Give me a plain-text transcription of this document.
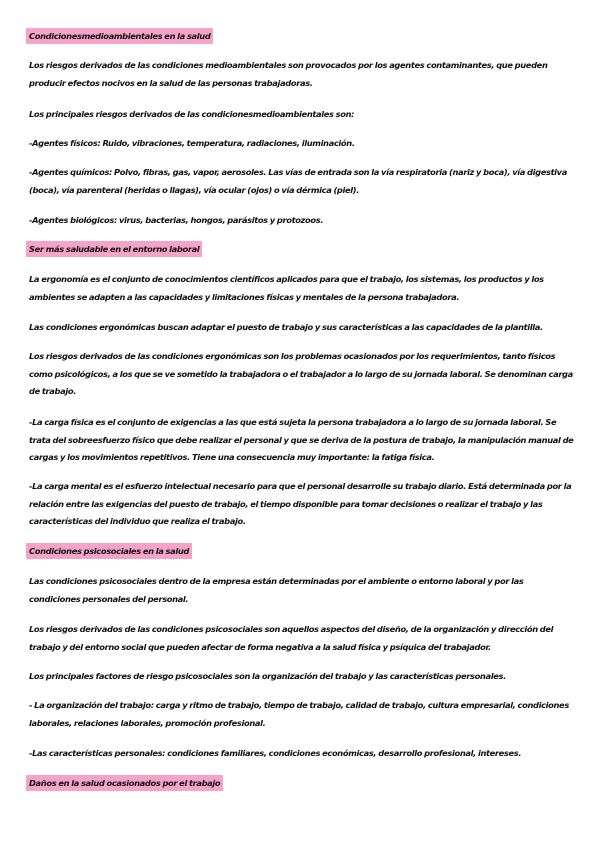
Condicionesmedioambientales en la salud

Los riesgos derivados de las condiciones medioambientales son provocados por los agentes contaminantes, que pueden producir efectos nocivos en la salud de las personas trabajadoras.

Los principales riesgos derivados de las condicionesmedioambientales son:

-Agentes físicos: Ruido, vibraciones, temperatura, radiaciones, iluminación.

-Agentes químicos: Polvo, fibras, gas, vapor, aerosoles. Las vías de entrada son la vía respiratoria (nariz y boca), vía digestiva (boca), vía parenteral (heridas o llagas), vía ocular (ojos) o vía dérmica (piel).

-Agentes biológicos: virus, bacterias, hongos, parásitos y protozoos.

Ser más saludable en el entorno laboral

La ergonomía es el conjunto de conocimientos científicos aplicados para que el trabajo, los sistemas, los productos y los ambientes se adapten a las capacidades y limitaciones físicas y mentales de la persona trabajadora.

Las condiciones ergonómicas buscan adaptar el puesto de trabajo y sus características a las capacidades de la plantilla.

Los riesgos derivados de las condiciones ergonómicas son los problemas ocasionados por los requerimientos, tanto físicos como psicológicos, a los que se ve sometido la trabajadora o el trabajador a lo largo de su jornada laboral. Se denominan carga de trabajo.

-La carga física es el conjunto de exigencias a las que está sujeta la persona trabajadora a lo largo de su jornada laboral. Se trata del sobreesfuerzo físico que debe realizar el personal y que se deriva de la postura de trabajo, la manipulación manual de cargas y los movimientos repetitivos. Tiene una consecuencia muy importante: la fatiga física.

-La carga mental es el esfuerzo intelectual necesario para que el personal desarrolle su trabajo diario. Está determinada por la relación entre las exigencias del puesto de trabajo, el tiempo disponible para tomar decisiones o realizar el trabajo y las características del individuo que realiza el trabajo.

Condiciones psicosociales en la salud

Las condiciones psicosociales dentro de la empresa están determinadas por el ambiente o entorno laboral y por las condiciones personales del personal.

Los riesgos derivados de las condiciones psicosociales son aquellos aspectos del diseño, de la organización y dirección del trabajo y del entorno social que pueden afectar de forma negativa a la salud física y psíquica del trabajador.

Los principales factores de riesgo psicosociales son la organización del trabajo y las características personales.

- La organización del trabajo: carga y ritmo de trabajo, tiempo de trabajo, calidad de trabajo, cultura empresarial, condiciones laborales, relaciones laborales, promoción profesional.

-Las características personales: condiciones familiares, condiciones económicas, desarrollo profesional, intereses.

Daños en la salud ocasionados por el trabajo
